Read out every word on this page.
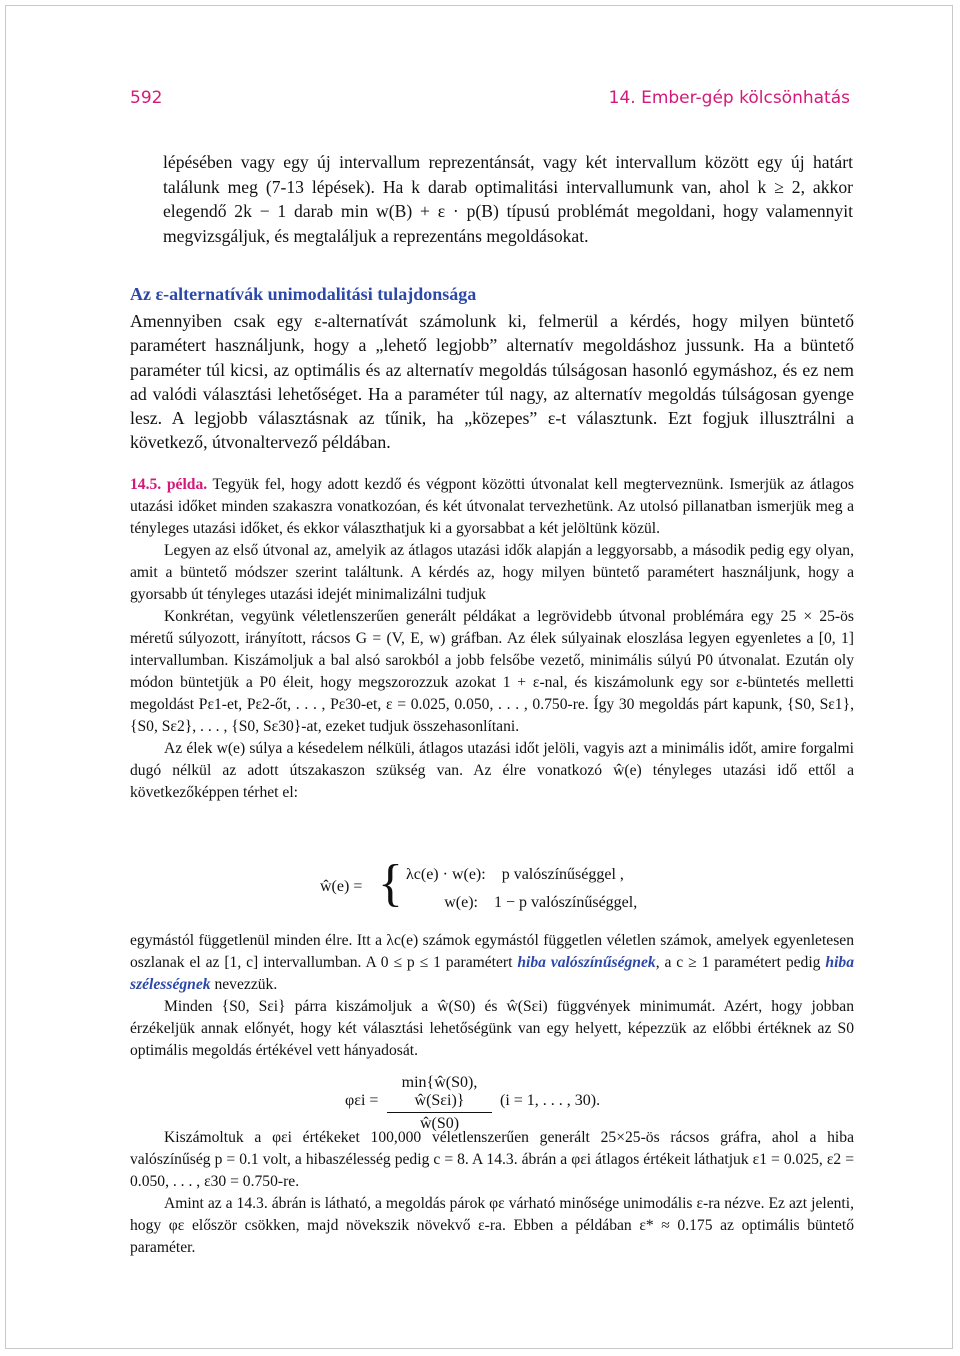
592	14. Ember-gép kölcsönhatás
lépésében vagy egy új intervallum reprezentánsát, vagy két intervallum között egy új határt találunk meg (7-13 lépések). Ha k darab optimalitási intervallumunk van, ahol k ≥ 2, akkor elegendő 2k − 1 darab min w(B) + ε · p(B) típusú problémát megoldani, hogy valamennyit megvizsgáljuk, és megtaláljuk a reprezentáns megoldásokat.
Az ε-alternatívák unimodalitási tulajdonsága
Amennyiben csak egy ε-alternatívát számolunk ki, felmerül a kérdés, hogy milyen büntető paramétert használjunk, hogy a „lehető legjobb” alternatív megoldáshoz jussunk. Ha a büntető paraméter túl kicsi, az optimális és az alternatív megoldás túlságosan hasonló egymáshoz, és ez nem ad valódi választási lehetőséget. Ha a paraméter túl nagy, az alternatív megoldás túlságosan gyenge lesz. A legjobb választásnak az tűnik, ha „közepes” ε-t választunk. Ezt fogjuk illusztrálni a következő, útvonaltervező példában.

14.5. példa. Tegyük fel, hogy adott kezdő és végpont közötti útvonalat kell megterveznünk. Ismerjük az átlagos utazási időket minden szakaszra vonatkozóan, és két útvonalat tervezhetünk. Az utolsó pillanatban ismerjük meg a tényleges utazási időket, és ekkor választhatjuk ki a gyorsabbat a két jelöltünk közül.

Legyen az első útvonal az, amelyik az átlagos utazási idők alapján a leggyorsabb, a második pedig egy olyan, amit a büntető módszer szerint találtunk. A kérdés az, hogy milyen büntető paramétert használjunk, hogy a gyorsabb út tényleges utazási idejét minimalizálni tudjuk

Konkrétan, vegyünk véletlenszerűen generált példákat a legrövidebb útvonal problémára egy 25 × 25-ös méretű súlyozott, irányított, rácsos G = (V, E, w) gráfban. Az élek súlyainak eloszlása legyen egyenletes a [0, 1] intervallumban. Kiszámoljuk a bal alsó sarokból a jobb felsőbe vezető, minimális súlyú P0 útvonalat. Ezután oly módon büntetjük a P0 éleit, hogy megszorozzuk azokat 1 + ε-nal, és kiszámolunk egy sor ε-büntetés melletti megoldást Pε1-et, Pε2-őt, . . . , Pε30-et, ε = 0.025, 0.050, . . . , 0.750-re. Így 30 megoldás párt kapunk, {S0, Sε1}, {S0, Sε2}, . . . , {S0, Sε30}-at, ezeket tudjuk összehasonlítani.

Az élek w(e) súlya a késedelem nélküli, átlagos utazási időt jelöli, vagyis azt a minimális időt, amire forgalmi dugó nélkül az adott útszakaszon szükség van. Az élre vonatkozó ŵ(e) tényleges utazási idő ettől a következőképpen térhet el:

ŵ(e) = { λc(e) · w(e): p valószínűséggel ,
w(e): 1 − p valószínűséggel,

egymástól függetlenül minden élre. Itt a λc(e) számok egymástól független véletlen számok, amelyek egyenletesen oszlanak el az [1, c] intervallumban. A 0 ≤ p ≤ 1 paramétert hiba valószínűségnek, a c ≥ 1 paramétert pedig hiba szélességnek nevezzük.

Minden {S0, Sεi} párra kiszámoljuk a ŵ(S0) és ŵ(Sεi) függvények minimumát. Azért, hogy jobban érzékeljük annak előnyét, hogy két választási lehetőségünk van egy helyett, képezzük az előbbi értéknek az S0 optimális megoldás értékével vett hányadosát.

φεi =
min{ŵ(S0), ŵ(Sεi)}
ŵ(S0)
(i = 1, . . . , 30).

Kiszámoltuk a φεi értékeket 100,000 véletlenszerűen generált 25×25-ös rácsos gráfra, ahol a hiba valószínűség p = 0.1 volt, a hibaszélesség pedig c = 8. A 14.3. ábrán a φεi átlagos értékeit láthatjuk ε1 = 0.025, ε2 = 0.050, . . . , ε30 = 0.750-re.

Amint az a 14.3. ábrán is látható, a megoldás párok φε várható minősége unimodális ε-ra nézve. Ez azt jelenti, hogy φε először csökken, majd növekszik növekvő ε-ra. Ebben a példában ε* ≈ 0.175 az optimális büntető paraméter.
